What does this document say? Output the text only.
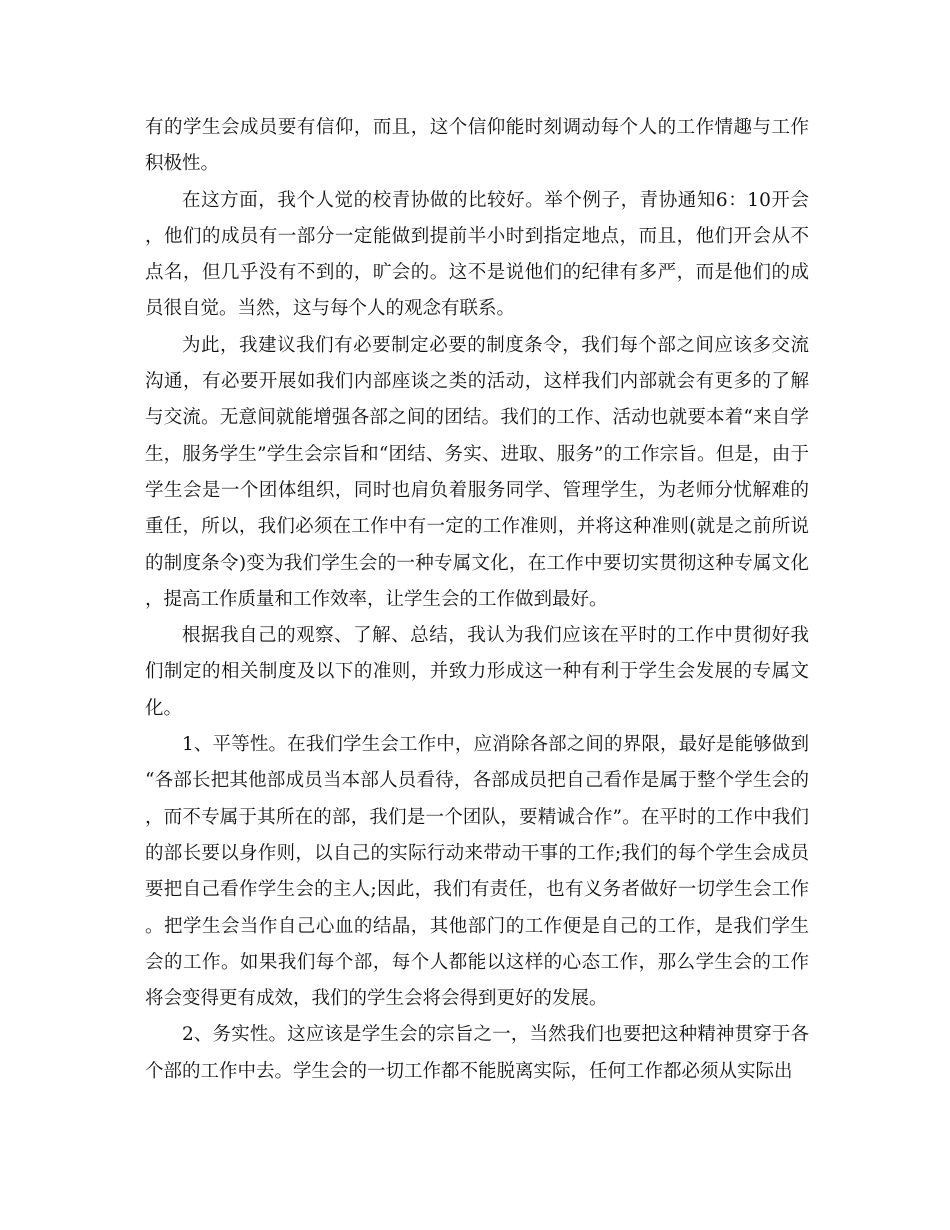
有的学生会成员要有信仰，而且，这个信仰能时刻调动每个人的工作情趣与工作积极性。

在这方面，我个人觉的校青协做的比较好。举个例子，青协通知6：10开会，他们的成员有一部分一定能做到提前半小时到指定地点，而且，他们开会从不点名，但几乎没有不到的，旷会的。这不是说他们的纪律有多严，而是他们的成员很自觉。当然，这与每个人的观念有联系。

为此，我建议我们有必要制定必要的制度条令，我们每个部之间应该多交流沟通，有必要开展如我们内部座谈之类的活动，这样我们内部就会有更多的了解与交流。无意间就能增强各部之间的团结。我们的工作、活动也就要本着“来自学生，服务学生”学生会宗旨和“团结、务实、进取、服务”的工作宗旨。但是，由于学生会是一个团体组织，同时也肩负着服务同学、管理学生，为老师分忧解难的重任，所以，我们必须在工作中有一定的工作准则，并将这种准则(就是之前所说的制度条令)变为我们学生会的一种专属文化，在工作中要切实贯彻这种专属文化，提高工作质量和工作效率，让学生会的工作做到最好。

根据我自己的观察、了解、总结，我认为我们应该在平时的工作中贯彻好我们制定的相关制度及以下的准则，并致力形成这一种有利于学生会发展的专属文化。

1、平等性。在我们学生会工作中，应消除各部之间的界限，最好是能够做到“各部长把其他部成员当本部人员看待，各部成员把自己看作是属于整个学生会的，而不专属于其所在的部，我们是一个团队，要精诚合作”。在平时的工作中我们的部长要以身作则，以自己的实际行动来带动干事的工作;我们的每个学生会成员要把自己看作学生会的主人;因此，我们有责任，也有义务者做好一切学生会工作。把学生会当作自己心血的结晶，其他部门的工作便是自己的工作，是我们学生会的工作。如果我们每个部，每个人都能以这样的心态工作，那么学生会的工作将会变得更有成效，我们的学生会将会得到更好的发展。

2、务实性。这应该是学生会的宗旨之一，当然我们也要把这种精神贯穿于各个部的工作中去。学生会的一切工作都不能脱离实际，任何工作都必须从实际出
